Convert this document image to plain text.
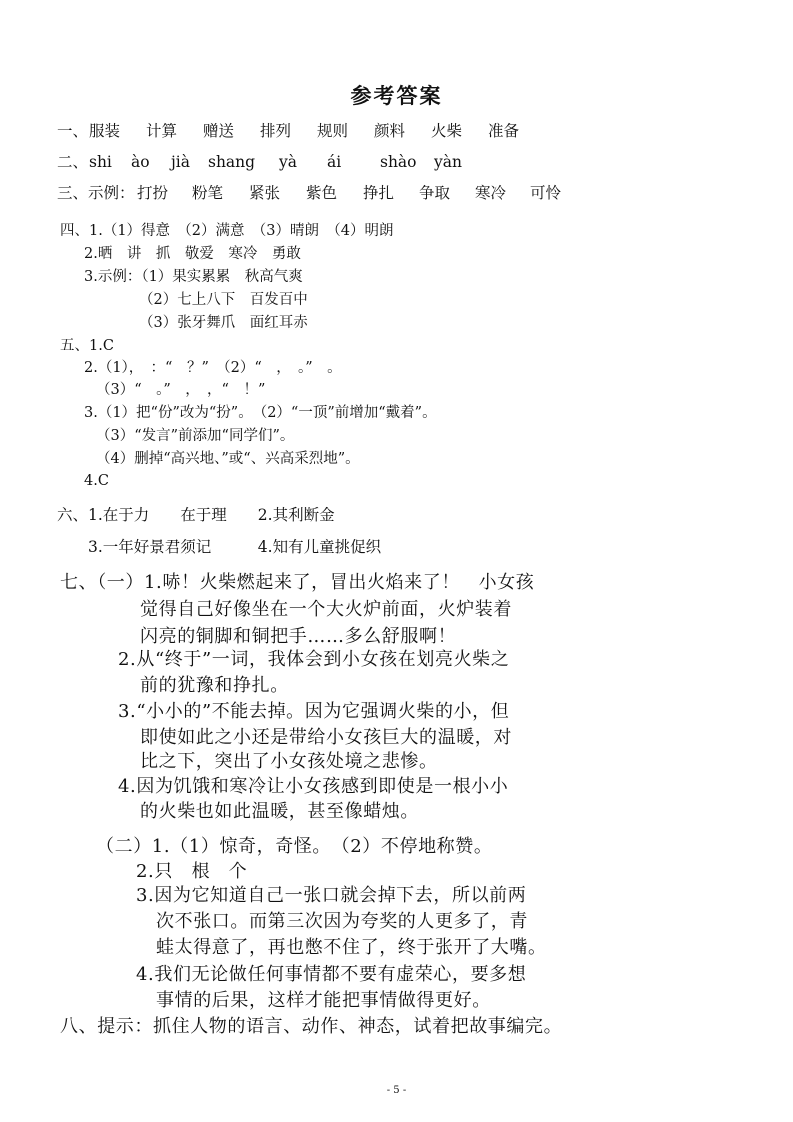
参考答案
一、服装 计算 赠送 排列 规则 颜料 火柴 准备
二、shi ào jià shang yà ái	shào yàn
三、示例： 打扮 粉笔 紧张 紫色 挣扎 争取 寒冷 可怜
四、1.（1）得意　（2）满意　（3）晴朗　（4）明朗
2.晒　讲　抓　敬爱　寒冷　勇敢
3.示例：（1）果实累累　秋高气爽
（2）七上八下　百发百中
（3）张牙舞爪　面红耳赤
五、1.C
2.（1），　：“　？”　（2）“　，　。”　。
（3）“　。”　，　，“　！”
3.（1）把“份”改为“扮”。　（2）“一顶”前增加“戴着”。
（3）“发言”前添加“同学们”。
（4）删掉“高兴地、”或“、兴高采烈地”。
4.C
六、1.在于力　　在于理　　2.其利断金
3.一年好景君须记　　　4.知有儿童挑促织
七、（一）1.哧！火柴燃起来了，冒出火焰来了！　小女孩
觉得自己好像坐在一个大火炉前面，火炉装着
闪亮的铜脚和铜把手……多么舒服啊！
2.从“终于”一词，我体会到小女孩在划亮火柴之
前的犹豫和挣扎。
3.“小小的”不能去掉。因为它强调火柴的小，但
即使如此之小还是带给小女孩巨大的温暖，对
比之下，突出了小女孩处境之悲惨。
4.因为饥饿和寒冷让小女孩感到即使是一根小小
的火柴也如此温暖，甚至像蜡烛。
（二）1.（1）惊奇，奇怪。　（2）不停地称赞。
2.只　根　个
3.因为它知道自己一张口就会掉下去，所以前两
次不张口。而第三次因为夸奖的人更多了，青
蛙太得意了，再也憋不住了，终于张开了大嘴。
4.我们无论做任何事情都不要有虚荣心，要多想
事情的后果，这样才能把事情做得更好。
八、提示：抓住人物的语言、动作、神态，试着把故事编完。
- 5 -
